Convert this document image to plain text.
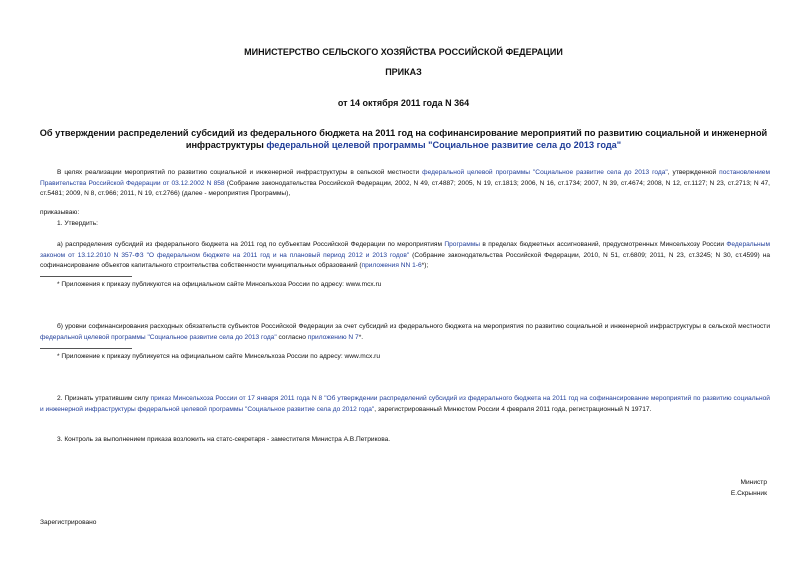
МИНИСТЕРСТВО СЕЛЬСКОГО ХОЗЯЙСТВА РОССИЙСКОЙ ФЕДЕРАЦИИ
ПРИКАЗ
от 14 октября 2011 года N 364
Об утверждении распределений субсидий из федерального бюджета на 2011 год на софинансирование мероприятий по развитию социальной и инженерной инфраструктуры федеральной целевой программы "Социальное развитие села до 2013 года"
В целях реализации мероприятий по развитию социальной и инженерной инфраструктуры в сельской местности федеральной целевой программы "Социальное развитие села до 2013 года", утвержденной постановлением Правительства Российской Федерации от 03.12.2002 N 858 (Собрание законодательства Российской Федерации, 2002, N 49, ст.4887; 2005, N 19, ст.1813; 2006, N 16, ст.1734; 2007, N 39, ст.4674; 2008, N 12, ст.1127; N 23, ст.2713; N 47, ст.5481; 2009, N 8, ст.966; 2011, N 19, ст.2766) (далее - мероприятия Программы),
приказываю:
1. Утвердить:
а) распределения субсидий из федерального бюджета на 2011 год по субъектам Российской Федерации по мероприятиям Программы в пределах бюджетных ассигнований, предусмотренных Минсельхозу России Федеральным законом от 13.12.2010 N 357-ФЗ "О федеральном бюджете на 2011 год и на плановый период 2012 и 2013 годов" (Собрание законодательства Российской Федерации, 2010, N 51, ст.6809; 2011, N 23, ст.3245; N 30, ст.4599) на софинансирование объектов капитального строительства собственности муниципальных образований (приложения NN 1-6*);
* Приложения к приказу публикуются на официальном сайте Минсельхоза России по адресу: www.mcx.ru
б) уровни софинансирования расходных обязательств субъектов Российской Федерации за счет субсидий из федерального бюджета на мероприятия по развитию социальной и инженерной инфраструктуры в сельской местности федеральной целевой программы "Социальное развитие села до 2013 года" согласно приложению N 7*.
* Приложение к приказу публикуется на официальном сайте Минсельхоза России по адресу: www.mcx.ru
2. Признать утратившим силу приказ Минсельхоза России от 17 января 2011 года N 8 "Об утверждении распределений субсидий из федерального бюджета на 2011 год на софинансирование мероприятий по развитию социальной и инженерной инфраструктуры федеральной целевой программы "Социальное развитие села до 2012 года", зарегистрированный Минюстом России 4 февраля 2011 года, регистрационный N 19717.
3. Контроль за выполнением приказа возложить на статс-секретаря - заместителя Министра А.В.Петрикова.
Министр
Е.Скрынник
Зарегистрировано
